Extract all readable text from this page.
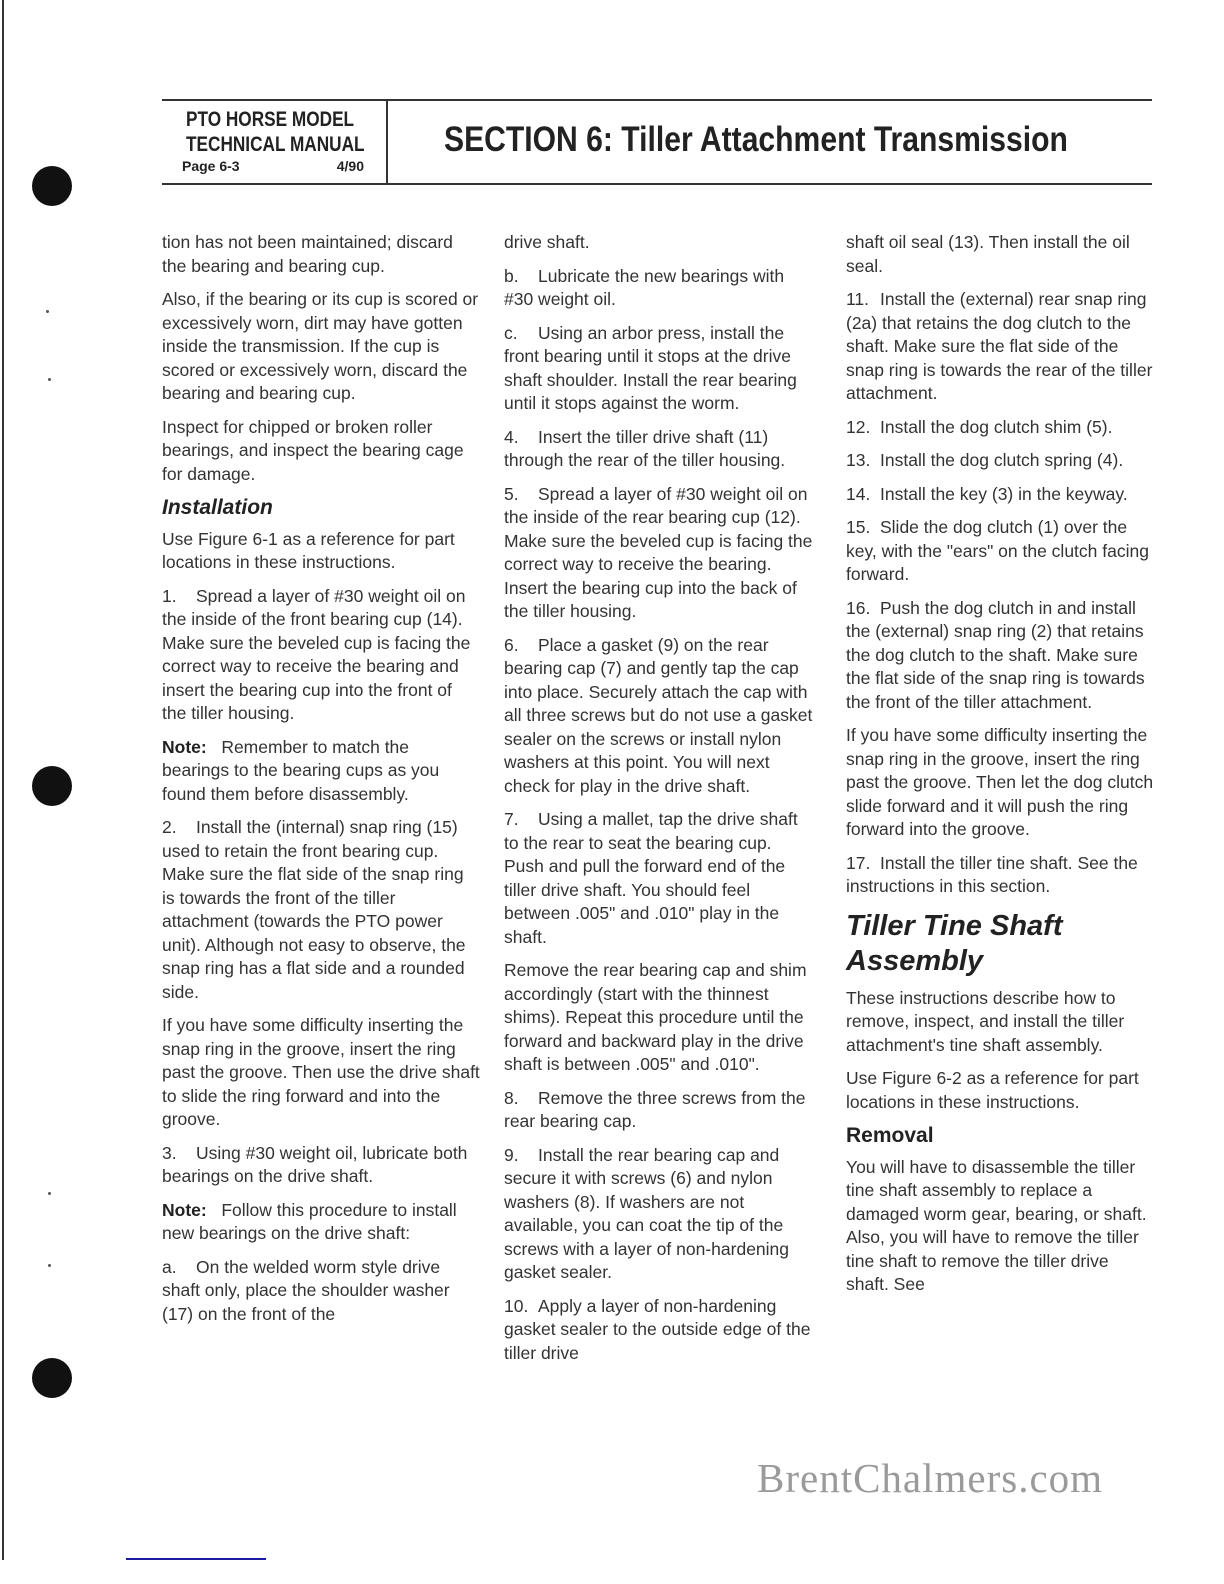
PTO HORSE MODEL
TECHNICAL MANUAL
Page 6-3	4/90
SECTION 6: Tiller Attachment Transmission

tion has not been maintained; discard the bearing and bearing cup.

Also, if the bearing or its cup is scored or excessively worn, dirt may have gotten inside the transmission. If the cup is scored or excessively worn, discard the bearing and bearing cup.

Inspect for chipped or broken roller bearings, and inspect the bearing cage for damage.

Installation

Use Figure 6-1 as a reference for part locations in these instructions.

1. Spread a layer of #30 weight oil on the inside of the front bearing cup (14). Make sure the beveled cup is facing the correct way to receive the bearing and insert the bearing cup into the front of the tiller housing.

Note: Remember to match the bearings to the bearing cups as you found them before disassembly.

2. Install the (internal) snap ring (15) used to retain the front bearing cup. Make sure the flat side of the snap ring is towards the front of the tiller attachment (towards the PTO power unit). Although not easy to observe, the snap ring has a flat side and a rounded side.

If you have some difficulty inserting the snap ring in the groove, insert the ring past the groove. Then use the drive shaft to slide the ring forward and into the groove.

3. Using #30 weight oil, lubricate both bearings on the drive shaft.

Note: Follow this procedure to install new bearings on the drive shaft:

a. On the welded worm style drive shaft only, place the shoulder washer (17) on the front of the

drive shaft.

b. Lubricate the new bearings with #30 weight oil.

c. Using an arbor press, install the front bearing until it stops at the drive shaft shoulder. Install the rear bearing until it stops against the worm.

4. Insert the tiller drive shaft (11) through the rear of the tiller housing.

5. Spread a layer of #30 weight oil on the inside of the rear bearing cup (12). Make sure the beveled cup is facing the correct way to receive the bearing. Insert the bearing cup into the back of the tiller housing.

6. Place a gasket (9) on the rear bearing cap (7) and gently tap the cap into place. Securely attach the cap with all three screws but do not use a gasket sealer on the screws or install nylon washers at this point. You will next check for play in the drive shaft.

7. Using a mallet, tap the drive shaft to the rear to seat the bearing cup. Push and pull the forward end of the tiller drive shaft. You should feel between .005" and .010" play in the shaft.

Remove the rear bearing cap and shim accordingly (start with the thinnest shims). Repeat this procedure until the forward and backward play in the drive shaft is between .005" and .010".

8. Remove the three screws from the rear bearing cap.

9. Install the rear bearing cap and secure it with screws (6) and nylon washers (8). If washers are not available, you can coat the tip of the screws with a layer of non-hardening gasket sealer.

10. Apply a layer of non-hardening gasket sealer to the outside edge of the tiller drive

shaft oil seal (13). Then install the oil seal.

11. Install the (external) rear snap ring (2a) that retains the dog clutch to the shaft. Make sure the flat side of the snap ring is towards the rear of the tiller attachment.

12. Install the dog clutch shim (5).

13. Install the dog clutch spring (4).

14. Install the key (3) in the keyway.

15. Slide the dog clutch (1) over the key, with the "ears" on the clutch facing forward.

16. Push the dog clutch in and install the (external) snap ring (2) that retains the dog clutch to the shaft. Make sure the flat side of the snap ring is towards the front of the tiller attachment.

If you have some difficulty inserting the snap ring in the groove, insert the ring past the groove. Then let the dog clutch slide forward and it will push the ring forward into the groove.

17. Install the tiller tine shaft. See the instructions in this section.

Tiller Tine Shaft Assembly

These instructions describe how to remove, inspect, and install the tiller attachment's tine shaft assembly.

Use Figure 6-2 as a reference for part locations in these instructions.

Removal

You will have to disassemble the tiller tine shaft assembly to replace a damaged worm gear, bearing, or shaft. Also, you will have to remove the tiller tine shaft to remove the tiller drive shaft. See

BrentChalmers.com
